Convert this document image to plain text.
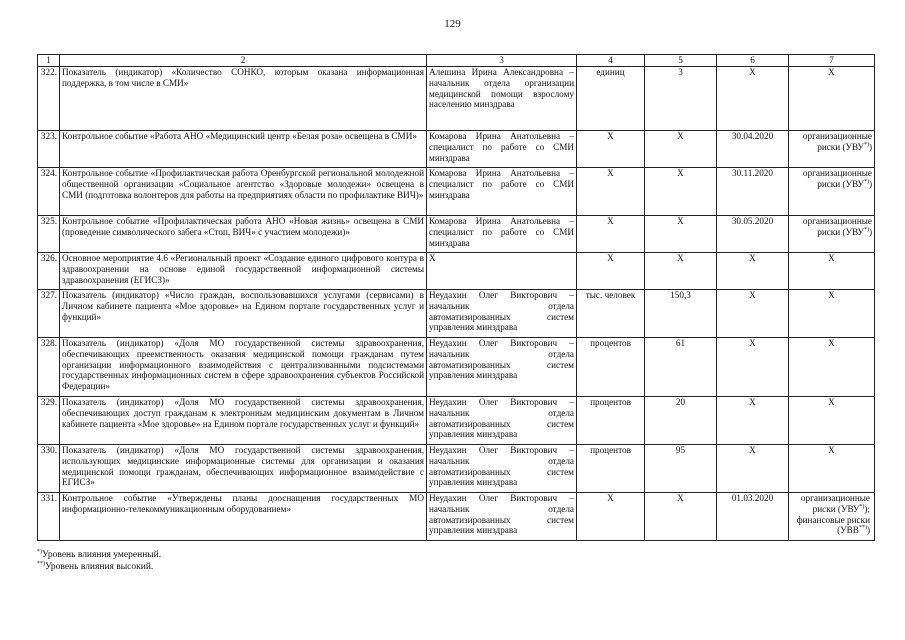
129
1	2	3	4	5	6	7
322.	Показатель (индикатор) «Количество СОНКО, которым оказана информационная поддержка, в том числе в СМИ»	Алешина Ирина Александровна – начальник отдела организации медицинской помощи взрослому населению минздрава	единиц	3	Х	Х
323.	Контрольное событие «Работа АНО «Медицинский центр «Белая роза» освещена в СМИ»	Комарова Ирина Анатольевна – специалист по работе со СМИ минздрава	Х	Х	30.04.2020	организационные риски (УВУ*))
324.	Контрольное событие «Профилактическая работа Оренбургской региональной молодежной общественной организации «Социальное агентство «Здоровые молодежи» освещена в СМИ (подготовка волонтеров для работы на предприятиях области по профилактике ВИЧ)»	Комарова Ирина Анатольевна – специалист по работе со СМИ минздрава	Х	Х	30.11.2020	организационные риски (УВУ*))
325.	Контрольное событие «Профилактическая работа АНО «Новая жизнь» освещена в СМИ (проведение символического забега «Стоп, ВИЧ» с участием молодежи)»	Комарова Ирина Анатольевна – специалист по работе со СМИ минздрава	Х	Х	30.05.2020	организационные риски (УВУ*))
326.	Основное мероприятие 4.6 «Региональный проект «Создание единого цифрового контура в здравоохранении на основе единой государственной информационной системы здравоохранения (ЕГИСЗ)»	Х	Х	Х	Х	Х
327.	Показатель (индикатор) «Число граждан, воспользовавшихся услугами (сервисами) в Личном кабинете пациента «Мое здоровье» на Едином портале государственных услуг и функций»	Неудахин Олег Викторович – начальник отдела автоматизированных систем управления минздрава	тыс. человек	150,3	Х	Х
328.	Показатель (индикатор) «Доля МО государственной системы здравоохранения, обеспечивающих преемственность оказания медицинской помощи гражданам путем организации информационного взаимодействия с централизованными подсистемами государственных информационных систем в сфере здравоохранения субъектов Российской Федерации»	Неудахин Олег Викторович – начальник отдела автоматизированных систем управления минздрава	процентов	61	Х	Х
329.	Показатель (индикатор) «Доля МО государственной системы здравоохранения, обеспечивающих доступ гражданам к электронным медицинским документам в Личном кабинете пациента «Мое здоровье» на Едином портале государственных услуг и функций»	Неудахин Олег Викторович – начальник отдела автоматизированных систем управления минздрава	процентов	20	Х	Х
330.	Показатель (индикатор) «Доля МО государственной системы здравоохранения, использующих медицинские информационные системы для организации и оказания медицинской помощи гражданам, обеспечивающих информационное взаимодействие с ЕГИСЗ»	Неудахин Олег Викторович – начальник отдела автоматизированных систем управления минздрава	процентов	95	Х	Х
331.	Контрольное событие «Утверждены планы дооснащения государственных МО информационно-телекоммуникационным оборудованием»	Неудахин Олег Викторович – начальник отдела автоматизированных систем управления минздрава	Х	Х	01.03.2020	организационные
риски (УВУ*));
финансовые риски
(УВВ**))
*)Уровень влияния умеренный.
**)Уровень влияния высокий.
